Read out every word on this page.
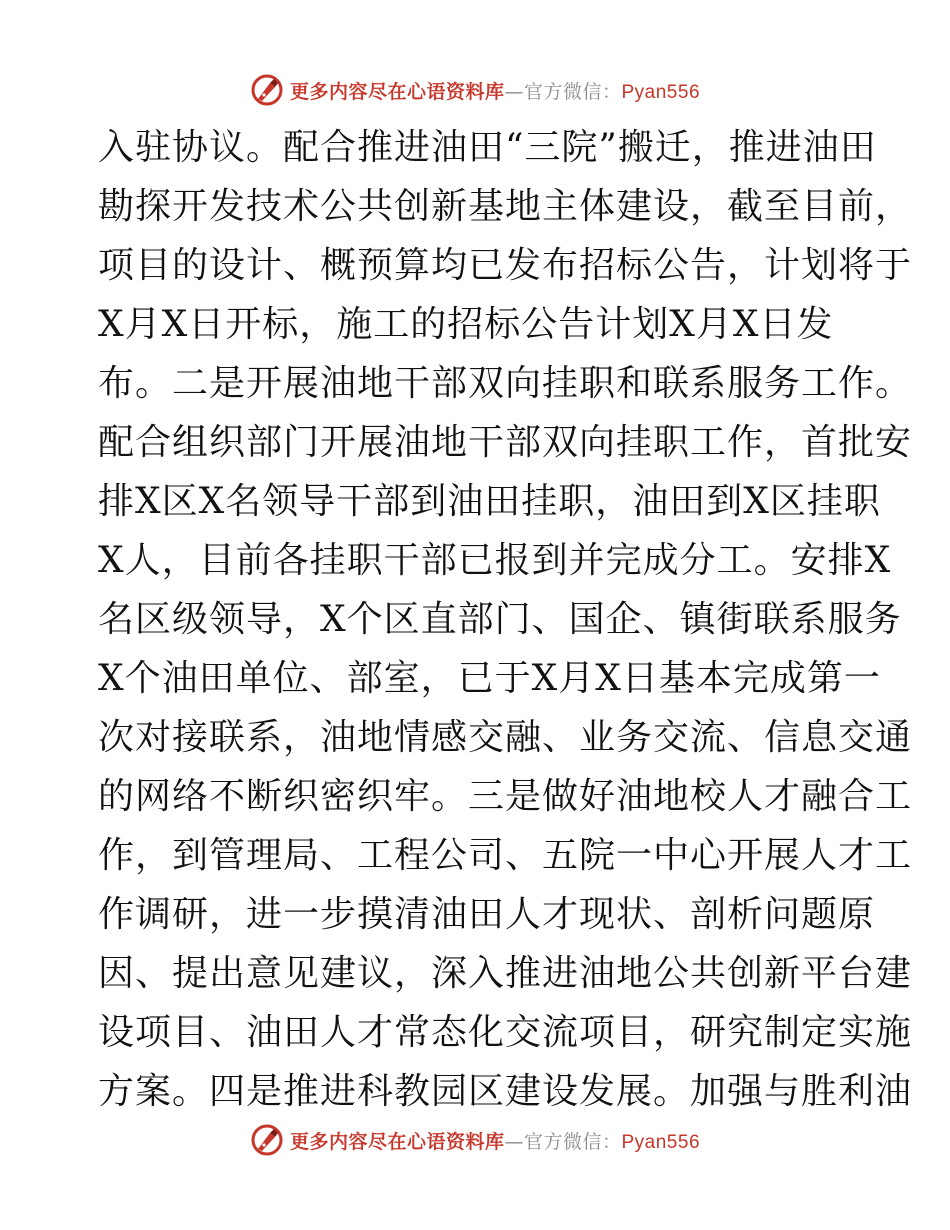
更多内容尽在心语资料库—官方微信：Pyan556
入驻协议。配合推进油田“三院”搬迁，推进油田
勘探开发技术公共创新基地主体建设，截至目前，
项目的设计、概预算均已发布招标公告，计划将于
X月X日开标，施工的招标公告计划X月X日发
布。二是开展油地干部双向挂职和联系服务工作。
配合组织部门开展油地干部双向挂职工作，首批安
排X区X名领导干部到油田挂职，油田到X区挂职
X人，目前各挂职干部已报到并完成分工。安排X
名区级领导，X个区直部门、国企、镇街联系服务
X个油田单位、部室，已于X月X日基本完成第一
次对接联系，油地情感交融、业务交流、信息交通
的网络不断织密织牢。三是做好油地校人才融合工
作，到管理局、工程公司、五院一中心开展人才工
作调研，进一步摸清油田人才现状、剖析问题原
因、提出意见建议，深入推进油地公共创新平台建
设项目、油田人才常态化交流项目，研究制定实施
方案。四是推进科教园区建设发展。加强与胜利油
更多内容尽在心语资料库—官方微信：Pyan556
